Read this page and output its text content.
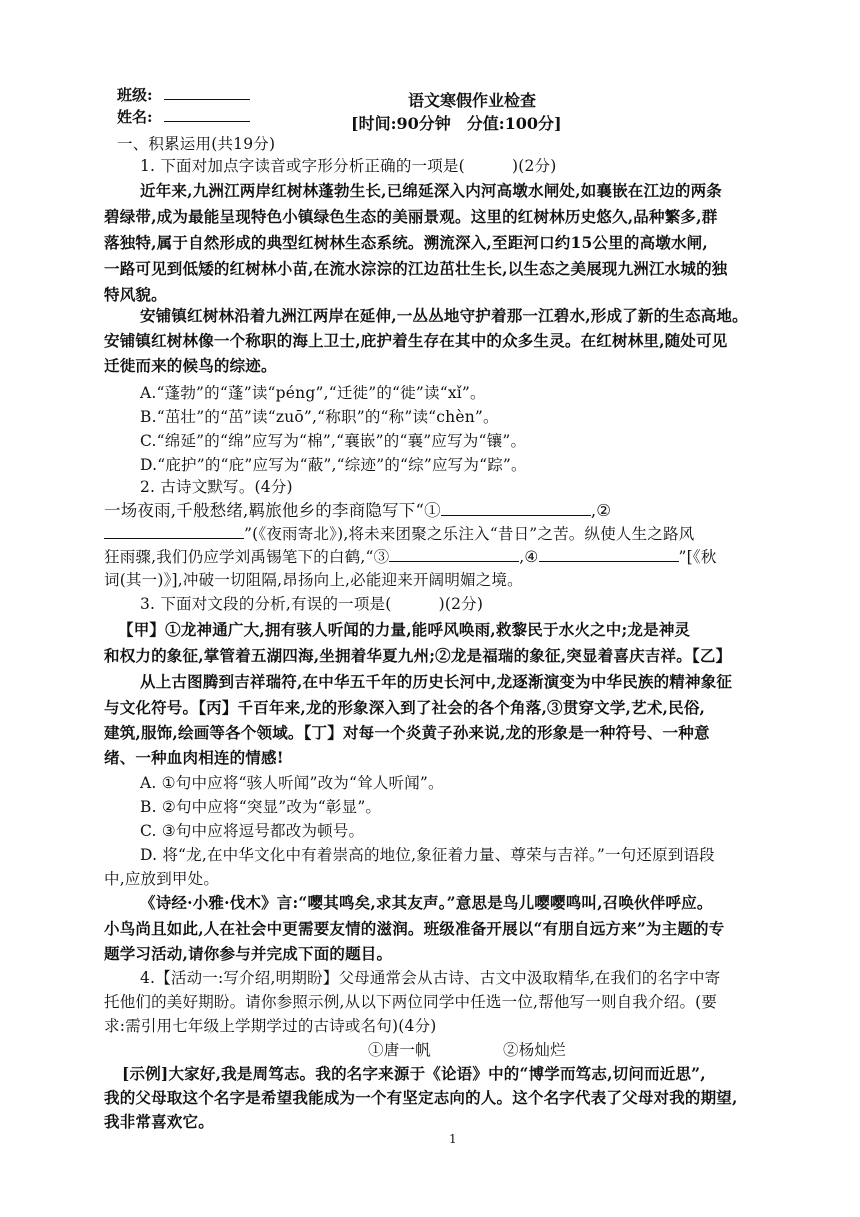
班级:
姓名:
语文寒假作业检查
[时间:90分钟　分值:100分]
一、积累运用(共19分)
1. 下面对加点字读音或字形分析正确的一项是(　　　)(2分)
近年来,九洲江两岸红树林蓬勃生长,已绵延深入内河高墩水闸处,如襄嵌在江边的两条
碧绿带,成为最能呈现特色小镇绿色生态的美丽景观。这里的红树林历史悠久,品种繁多,群
落独特,属于自然形成的典型红树林生态系统。溯流深入,至距河口约15公里的高墩水闸,
一路可见到低矮的红树林小苗,在流水淙淙的江边茁壮生长,以生态之美展现九洲江水城的独
特风貌。
安铺镇红树林沿着九洲江两岸在延伸,一丛丛地守护着那一江碧水,形成了新的生态高地。
安铺镇红树林像一个称职的海上卫士,庇护着生存在其中的众多生灵。在红树林里,随处可见
迁徙而来的候鸟的综迹。
A.“蓬勃”的“蓬”读“péng”,“迁徙”的“徙”读“xǐ”。
B.“茁壮”的“茁”读“zuō”,“称职”的“称”读“chèn”。
C.“绵延”的“绵”应写为“棉”,“襄嵌”的“襄”应写为“镶”。
D.“庇护”的“庇”应写为“蔽”,“综迹”的“综”应写为“踪”。
2. 古诗文默写。(4分)
一场夜雨,千般愁绪,羁旅他乡的李商隐写下“①	,②
”(《夜雨寄北》),将未来团聚之乐注入“昔日”之苦。纵使人生之路风
狂雨骤,我们仍应学刘禹锡笔下的白鹤,“③	,④	”[《秋
词(其一)》],冲破一切阻隔,昂扬向上,必能迎来开阔明媚之境。
3. 下面对文段的分析,有误的一项是(　　　)(2分)
【甲】①龙神通广大,拥有骇人听闻的力量,能呼风唤雨,救黎民于水火之中;龙是神灵
和权力的象征,掌管着五湖四海,坐拥着华夏九州;②龙是福瑞的象征,突显着喜庆吉祥。【乙】
从上古图腾到吉祥瑞符,在中华五千年的历史长河中,龙逐渐演变为中华民族的精神象征
与文化符号。【丙】千百年来,龙的形象深入到了社会的各个角落,③贯穿文学,艺术,民俗,
建筑,服饰,绘画等各个领域。【丁】对每一个炎黄子孙来说,龙的形象是一种符号、一种意
绪、一种血肉相连的情感!
A. ①句中应将“骇人听闻”改为“耸人听闻”。
B. ②句中应将“突显”改为“彰显”。
C. ③句中应将逗号都改为顿号。
D. 将“龙,在中华文化中有着崇高的地位,象征着力量、尊荣与吉祥。”一句还原到语段
中,应放到甲处。
《诗经·小雅·伐木》言:“嘤其鸣矣,求其友声。”意思是鸟儿嘤嘤鸣叫,召唤伙伴呼应。
小鸟尚且如此,人在社会中更需要友情的滋润。班级准备开展以“有朋自远方来”为主题的专
题学习活动,请你参与并完成下面的题目。
4.【活动一:写介绍,明期盼】父母通常会从古诗、古文中汲取精华,在我们的名字中寄
托他们的美好期盼。请你参照示例,从以下两位同学中任选一位,帮他写一则自我介绍。(要
求:需引用七年级上学期学过的古诗或名句)(4分)
①唐一帆	②杨灿烂
[示例]大家好,我是周笃志。我的名字来源于《论语》中的“博学而笃志,切问而近思”,
我的父母取这个名字是希望我能成为一个有坚定志向的人。这个名字代表了父母对我的期望,
我非常喜欢它。
1
